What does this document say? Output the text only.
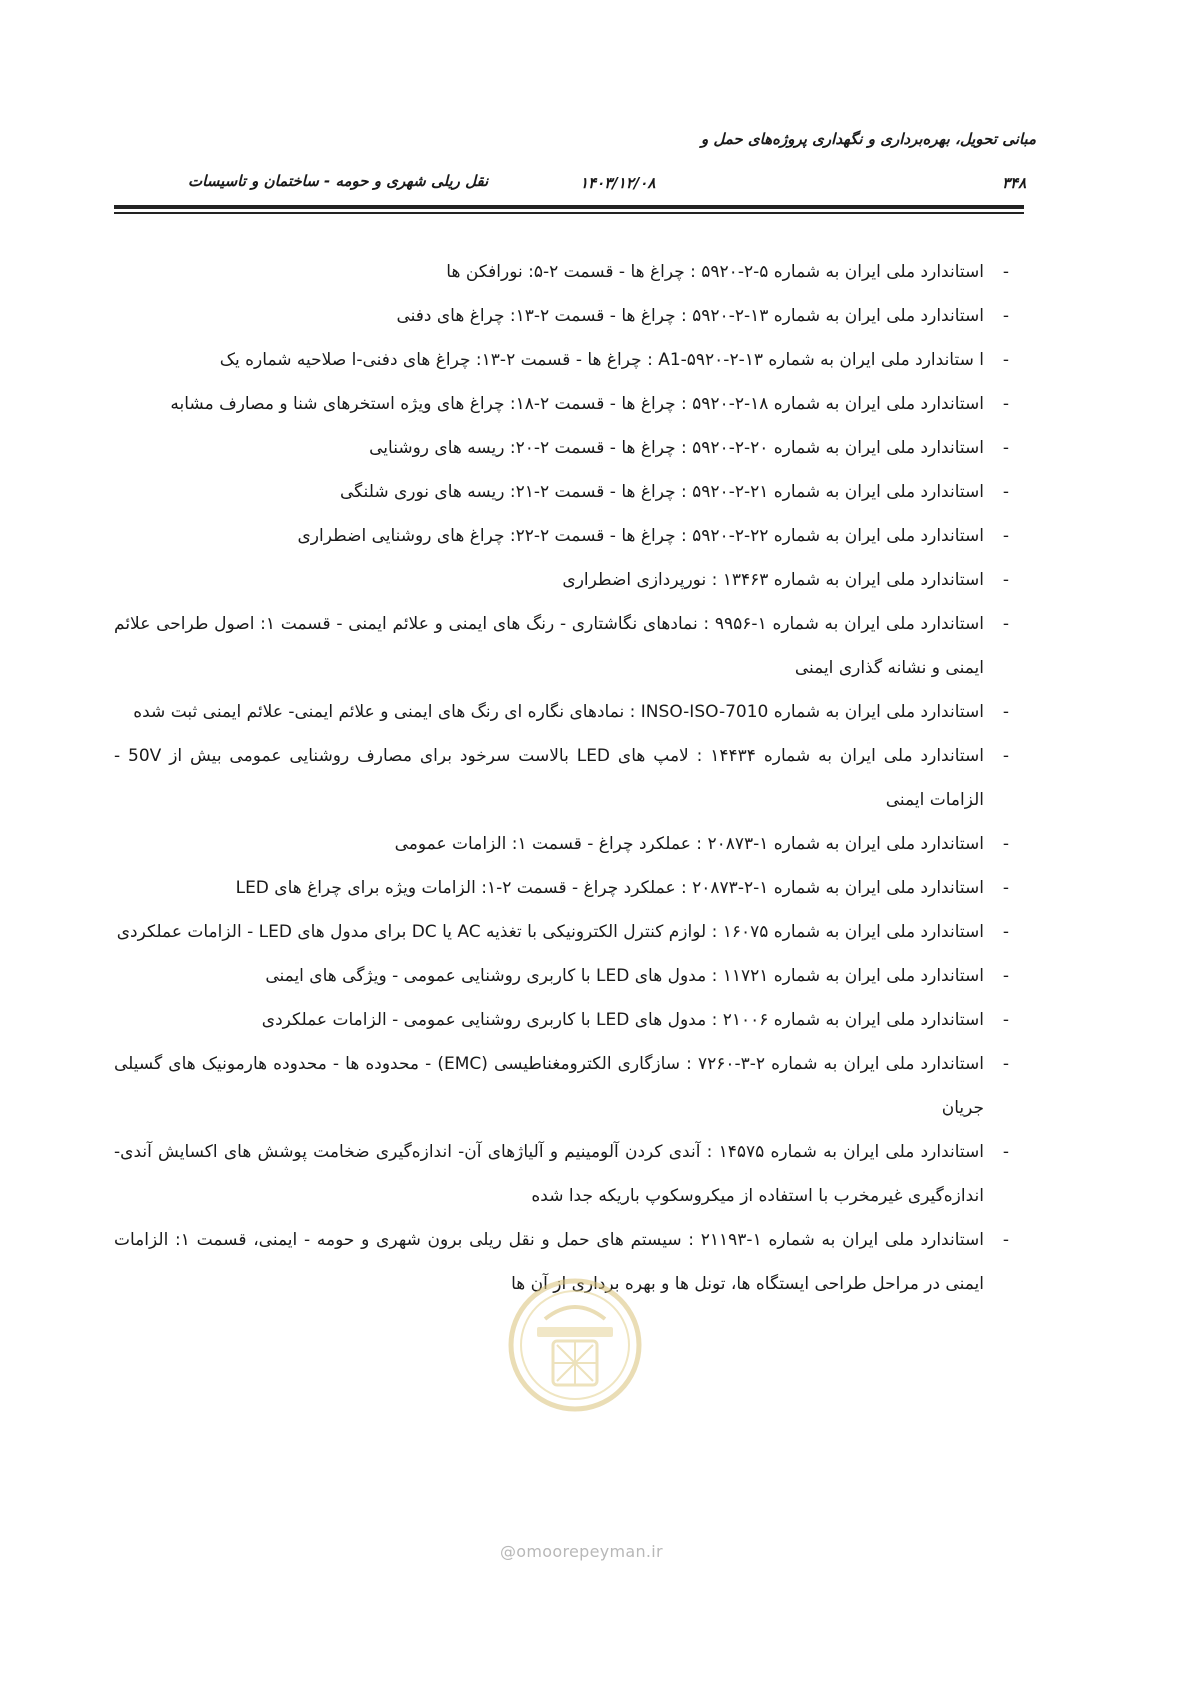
مبانی تحویل، بهره‌برداری و نگهداری پروژه‌های حمل و
نقل ریلی شهری و حومه - ساختمان و تاسیسات	۱۴۰۳/۱۲/۰۸	۳۴۸
-
استاندارد ملی ایران به شماره ۵-۲-۵۹۲۰ : چراغ ها - قسمت ۲-۵: نورافکن ها
-
استاندارد ملی ایران به شماره ۱۳-۲-۵۹۲۰ : چراغ ها - قسمت ۲-۱۳: چراغ های دفنی
-
ا ستاندارد ملی ایران به شماره A1-۵۹۲۰-۲-۱۳ : چراغ ها - قسمت ۲-۱۳: چراغ های دفنی-ا صلاحیه شماره یک
-
استاندارد ملی ایران به شماره ۱۸-۲-۵۹۲۰ : چراغ ها - قسمت ۲-۱۸: چراغ های ویژه استخرهای شنا و مصارف مشابه
-
استاندارد ملی ایران به شماره ۲۰-۲-۵۹۲۰ : چراغ ها - قسمت ۲-۲۰: ریسه های روشنایی
-
استاندارد ملی ایران به شماره ۲۱-۲-۵۹۲۰ : چراغ ها - قسمت ۲-۲۱: ریسه های نوری شلنگی
-
استاندارد ملی ایران به شماره ۲۲-۲-۵۹۲۰ : چراغ ها - قسمت ۲-۲۲: چراغ های روشنایی اضطراری
-
استاندارد ملی ایران به شماره ۱۳۴۶۳ : نورپردازی اضطراری
-
استاندارد ملی ایران به شماره ۱-۹۹۵۶ : نمادهای نگاشتاری - رنگ های ایمنی و علائم ایمنی - قسمت ۱: اصول طراحی علائم ایمنی و نشانه گذاری ایمنی
-
استاندارد ملی ایران به شماره INSO-ISO-7010 : نمادهای نگاره ای رنگ های ایمنی و علائم ایمنی- علائم ایمنی ثبت شده
-
استاندارد ملی ایران به شماره ۱۴۴۳۴ : لامپ های LED بالاست سرخود برای مصارف روشنایی عمومی بیش از 50V - الزامات ایمنی
-
استاندارد ملی ایران به شماره ۱-۲۰۸۷۳ : عملکرد چراغ - قسمت ۱: الزامات عمومی
-
استاندارد ملی ایران به شماره ۱-۲-۲۰۸۷۳ : عملکرد چراغ - قسمت ۲-۱: الزامات ویژه برای چراغ های LED
-
استاندارد ملی ایران به شماره ۱۶۰۷۵ : لوازم کنترل الکترونیکی با تغذیه AC یا DC برای مدول های LED - الزامات عملکردی
-
استاندارد ملی ایران به شماره ۱۱۷۲۱ : مدول های LED با کاربری روشنایی عمومی - ویژگی های ایمنی
-
استاندارد ملی ایران به شماره ۲۱۰۰۶ : مدول های LED با کاربری روشنایی عمومی - الزامات عملکردی
-
استاندارد ملی ایران به شماره ۲-۳-۷۲۶۰ : سازگاری الکترومغناطیسی (EMC) - محدوده ها - محدوده هارمونیک های گسیلی جریان
-
استاندارد ملی ایران به شماره ۱۴۵۷۵ : آندی کردن آلومینیم و آلیاژهای آن- اندازه‌گیری ضخامت پوشش های اکسایش آندی- اندازه‌گیری غیرمخرب با استفاده از میکروسکوپ باریکه جدا شده
-
استاندارد ملی ایران به شماره ۱-۲۱۱۹۳ : سیستم های حمل و نقل ریلی برون شهری و حومه - ایمنی، قسمت ۱: الزامات ایمنی در مراحل طراحی ایستگاه ها، تونل ها و بهره برداری از آن ها
@omoorepeyman.ir
